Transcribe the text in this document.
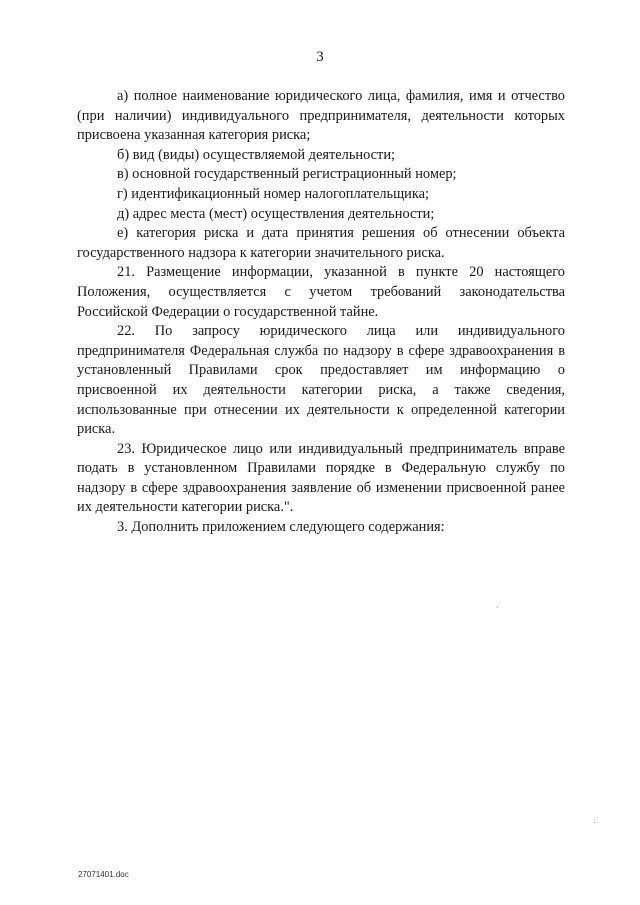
3

а) полное наименование юридического лица, фамилия, имя и отчество (при наличии) индивидуального предпринимателя, деятельности которых присвоена указанная категория риска;

б) вид (виды) осуществляемой деятельности;

в) основной государственный регистрационный номер;

г) идентификационный номер налогоплательщика;

д) адрес места (мест) осуществления деятельности;

е) категория риска и дата принятия решения об отнесении объекта государственного надзора к категории значительного риска.

21. Размещение информации, указанной в пункте 20 настоящего Положения, осуществляется с учетом требований законодательства Российской Федерации о государственной тайне.

22. По запросу юридического лица или индивидуального предпринимателя Федеральная служба по надзору в сфере здравоохранения в установленный Правилами срок предоставляет им информацию о присвоенной их деятельности категории риска, а также сведения, использованные при отнесении их деятельности к определенной категории риска.

23. Юридическое лицо или индивидуальный предприниматель вправе подать в установленном Правилами порядке в Федеральную службу по надзору в сфере здравоохранения заявление об изменении присвоенной ранее их деятельности категории риска.".

3. Дополнить приложением следующего содержания:

27071401.doc
